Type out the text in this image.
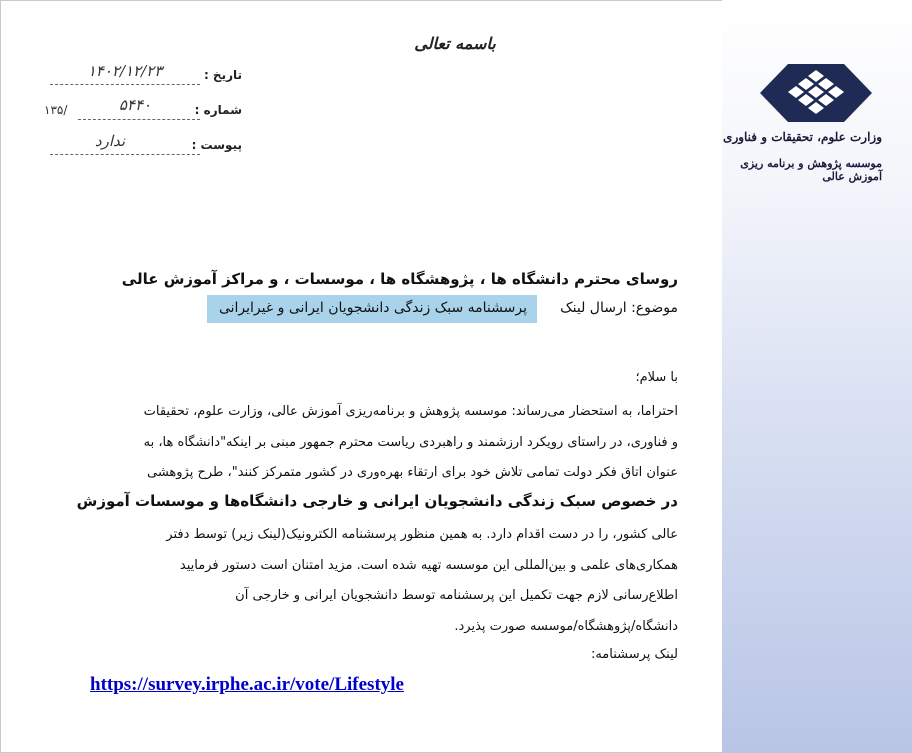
وزارت علوم، تحقیقات و فناوری
موسسه پژوهش و برنامه ریزی آموزش عالی
باسمه تعالی
تاریخ :
۱۴۰۲/۱۲/۲۳
شماره :
۵۴۴۰
۱۳۵/
پیوست :
ندارد
روسای محترم دانشگاه ها ، پژوهشگاه ها ، موسسات ، و مراکز آموزش عالی
موضوع: ارسال لینک
پرسشنامه سبک زندگی دانشجویان ایرانی و غیرایرانی
با سلام؛
احتراما، به استحضار می‌رساند: موسسه پژوهش و برنامه‌ریزی آموزش عالی، وزارت علوم، تحقیقات
و فناوری، در راستای رویکرد ارزشمند و راهبردی ریاست محترم جمهور مبنی بر اینکه"دانشگاه ها، به
عنوان اتاق فکر دولت تمامی تلاش خود برای ارتقاء بهره‌وری در کشور متمرکز کنند"، طرح پژوهشی
در خصوص سبک زندگی دانشجویان ایرانی و خارجی دانشگاه‌ها و موسسات آموزش
عالی کشور، را در دست اقدام دارد. به همین منظور پرسشنامه الکترونیک(لینک زیر) توسط دفتر
همکاری‌های علمی و بین‌المللی این موسسه تهیه شده است. مزید امتنان است دستور فرمایید
اطلاع‌رسانی لازم جهت تکمیل این پرسشنامه توسط دانشجویان ایرانی و خارجی آن
دانشگاه/پژوهشگاه/موسسه صورت پذیرد.
لینک پرسشنامه:
https://survey.irphe.ac.ir/vote/Lifestyle
